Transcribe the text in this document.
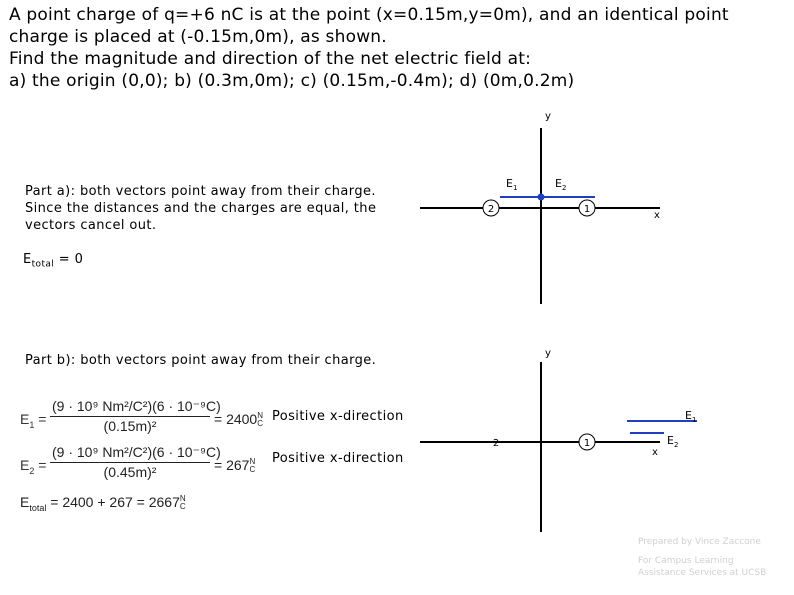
A point charge of q=+6 nC is at the point (x=0.15m,y=0m), and an identical point
charge is placed at (-0.15m,0m), as shown.
Find the magnitude and direction of the net electric field at:
a) the origin (0,0); b) (0.3m,0m); c) (0.15m,-0.4m); d) (0m,0.2m)
Part a): both vectors point away from their charge.
Since the distances and the charges are equal, the
vectors cancel out.
$E_{total} = 0$
Part b): both vectors point away from their charge.
$E_1 = \frac{\text{(9 · 10⁹ Nm²/C²)(6 · 10⁻⁹C)}}{\text{(0.15m)²}} = 2400N$
C Positive x-direction
$E_2 = \frac{\text{(9 · 10⁹ Nm²/C²)(6 · 10⁻⁹C)}}{\text{(0.45m)²}} = 267N$
C
Positive x-direction
$E_{total} = 2400 + 267 = 2667N$
C
2	1
y
x
$E_1$	$E_2$
1
2
y
x
$E_1$
$E_2$
Prepared by Vince Zaccone
For Campus Learning
Assistance Services at UCSB
